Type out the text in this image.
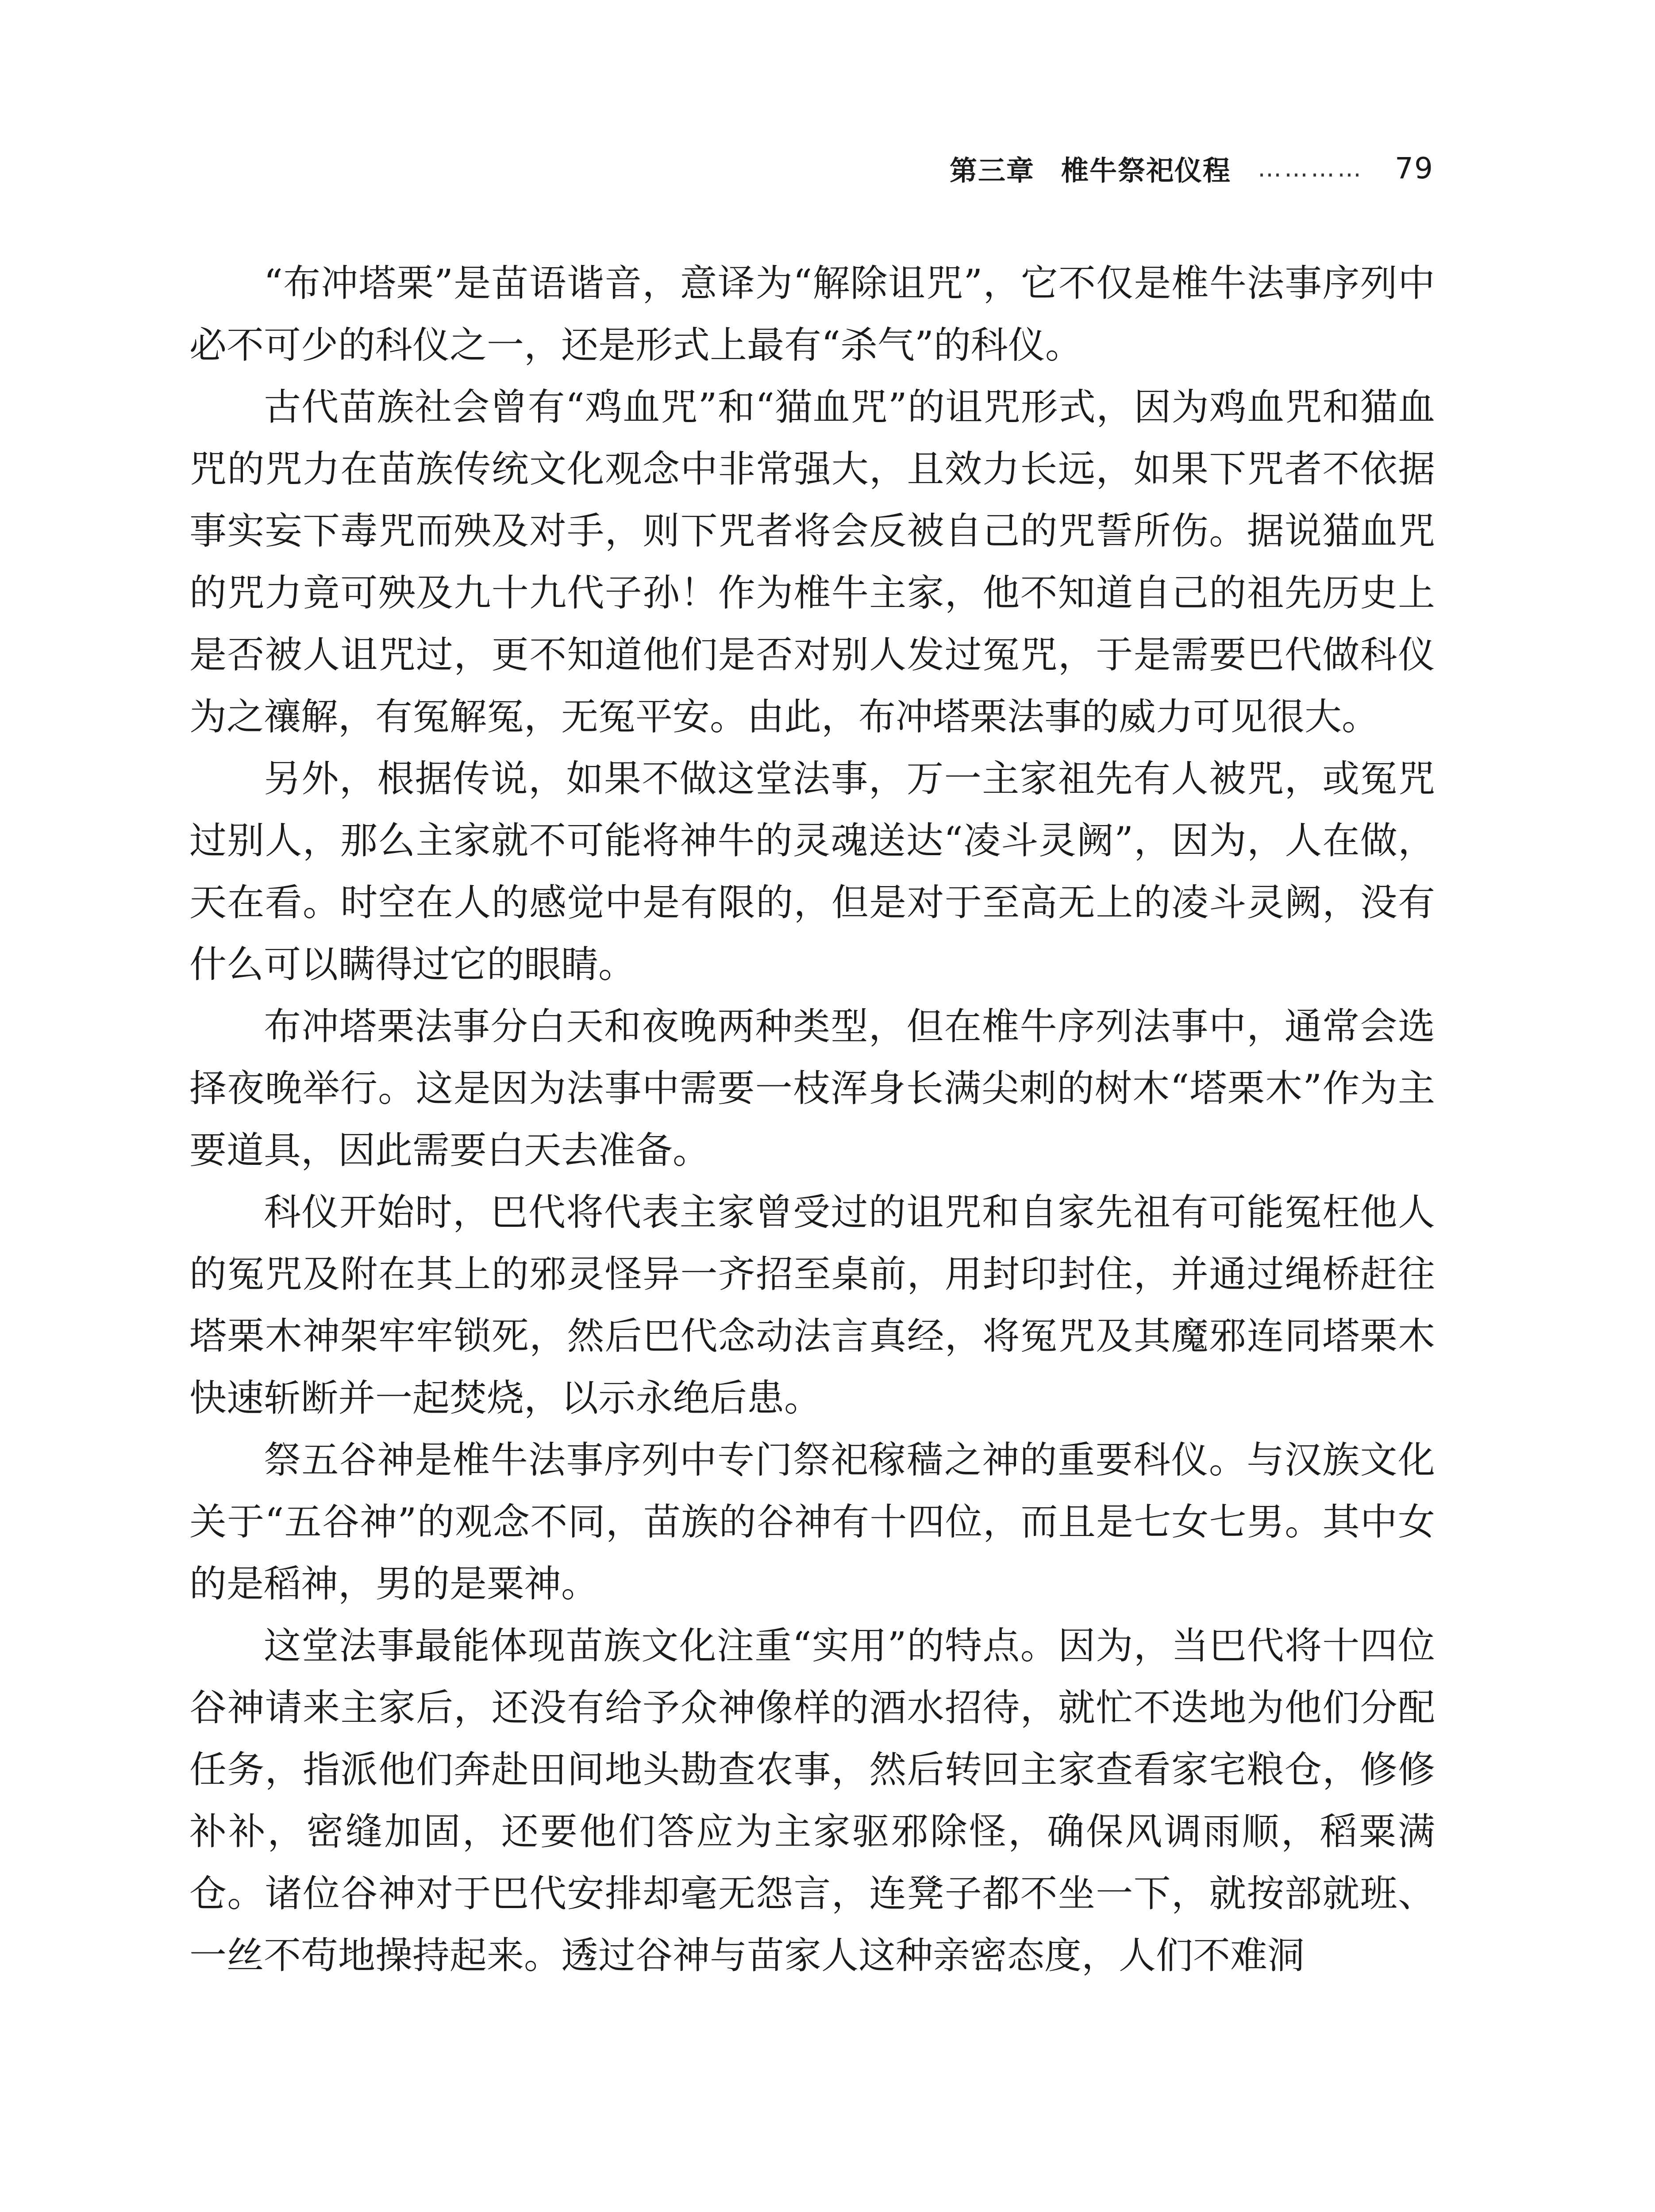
第三章 椎牛祭祀仪程 ………… 79

“布冲塔栗”是苗语谐音，意译为“解除诅咒”，它不仅是椎牛法事序列中必不可少的科仪之一，还是形式上最有“杀气”的科仪。

古代苗族社会曾有“鸡血咒”和“猫血咒”的诅咒形式，因为鸡血咒和猫血咒的咒力在苗族传统文化观念中非常强大，且效力长远，如果下咒者不依据事实妄下毒咒而殃及对手，则下咒者将会反被自己的咒誓所伤。据说猫血咒的咒力竟可殃及九十九代子孙！作为椎牛主家，他不知道自己的祖先历史上是否被人诅咒过，更不知道他们是否对别人发过冤咒，于是需要巴代做科仪为之禳解，有冤解冤，无冤平安。由此，布冲塔栗法事的威力可见很大。

另外，根据传说，如果不做这堂法事，万一主家祖先有人被咒，或冤咒过别人，那么主家就不可能将神牛的灵魂送达“凌斗灵阙”，因为，人在做，天在看。时空在人的感觉中是有限的，但是对于至高无上的凌斗灵阙，没有什么可以瞒得过它的眼睛。

布冲塔栗法事分白天和夜晚两种类型，但在椎牛序列法事中，通常会选择夜晚举行。这是因为法事中需要一枝浑身长满尖刺的树木“塔栗木”作为主要道具，因此需要白天去准备。

科仪开始时，巴代将代表主家曾受过的诅咒和自家先祖有可能冤枉他人的冤咒及附在其上的邪灵怪异一齐招至桌前，用封印封住，并通过绳桥赶往塔栗木神架牢牢锁死，然后巴代念动法言真经，将冤咒及其魔邪连同塔栗木快速斩断并一起焚烧，以示永绝后患。

祭五谷神是椎牛法事序列中专门祭祀稼穑之神的重要科仪。与汉族文化关于“五谷神”的观念不同，苗族的谷神有十四位，而且是七女七男。其中女的是稻神，男的是粟神。

这堂法事最能体现苗族文化注重“实用”的特点。因为，当巴代将十四位谷神请来主家后，还没有给予众神像样的酒水招待，就忙不迭地为他们分配任务，指派他们奔赴田间地头勘查农事，然后转回主家查看家宅粮仓，修修补补，密缝加固，还要他们答应为主家驱邪除怪，确保风调雨顺，稻粟满仓。诸位谷神对于巴代安排却毫无怨言，连凳子都不坐一下，就按部就班、一丝不苟地操持起来。透过谷神与苗家人这种亲密态度，人们不难洞
